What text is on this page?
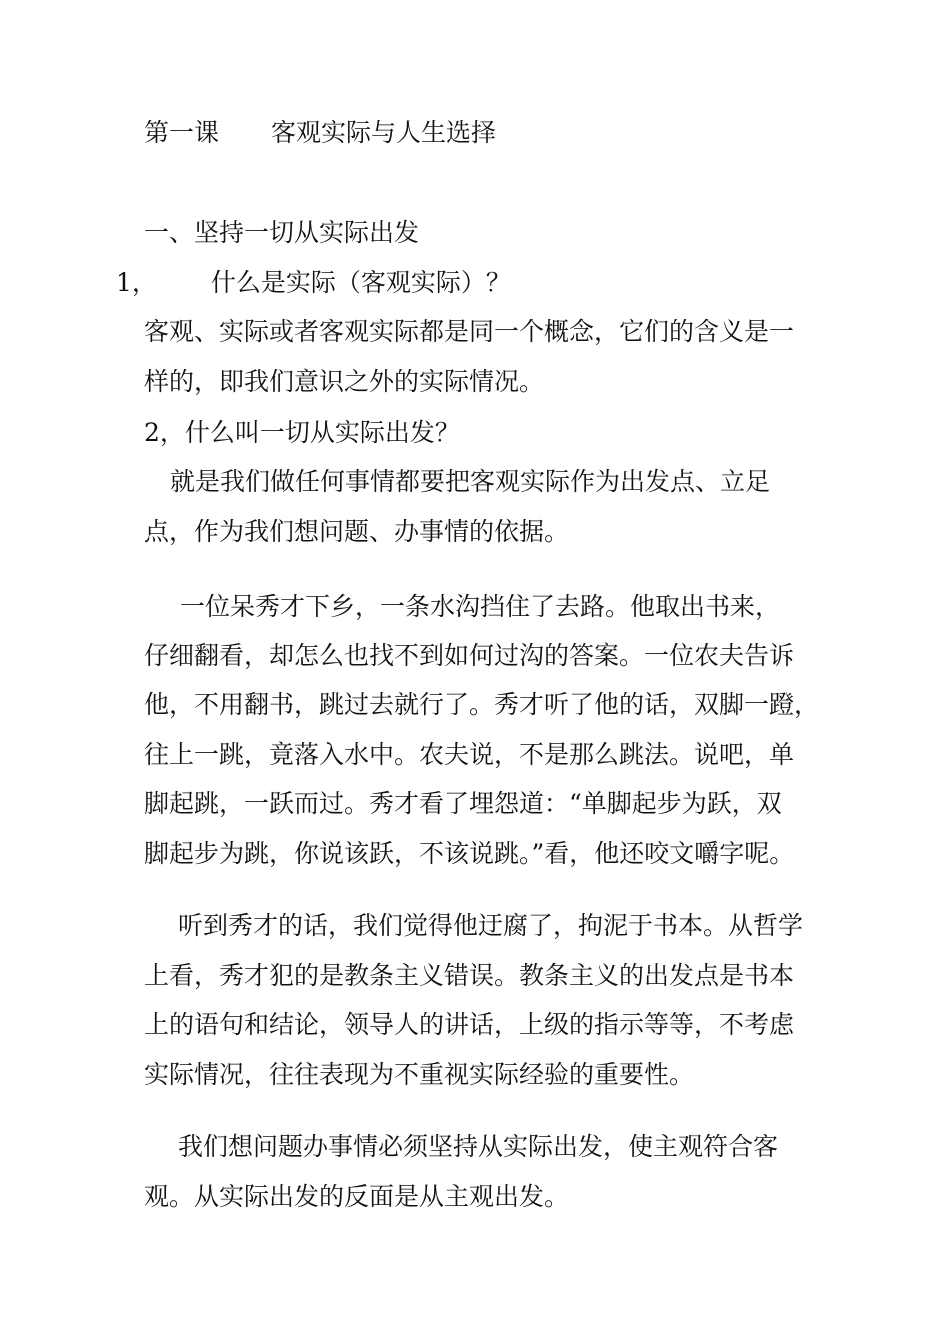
第一课 客观实际与人生选择
一、坚持一切从实际出发
1， 什么是实际（客观实际）？
客观、实际或者客观实际都是同一个概念，它们的含义是一
样的，即我们意识之外的实际情况。
2，什么叫一切从实际出发？
就是我们做任何事情都要把客观实际作为出发点、立足
点，作为我们想问题、办事情的依据。
一位呆秀才下乡，一条水沟挡住了去路。他取出书来，
仔细翻看，却怎么也找不到如何过沟的答案。一位农夫告诉
他，不用翻书，跳过去就行了。秀才听了他的话，双脚一蹬，
往上一跳，竟落入水中。农夫说，不是那么跳法。说吧，单
脚起跳，一跃而过。秀才看了埋怨道：“单脚起步为跃，双
脚起步为跳，你说该跃，不该说跳。”看，他还咬文嚼字呢。
听到秀才的话，我们觉得他迂腐了，拘泥于书本。从哲学
上看，秀才犯的是教条主义错误。教条主义的出发点是书本
上的语句和结论，领导人的讲话，上级的指示等等，不考虑
实际情况，往往表现为不重视实际经验的重要性。
我们想问题办事情必须坚持从实际出发，使主观符合客
观。从实际出发的反面是从主观出发。
